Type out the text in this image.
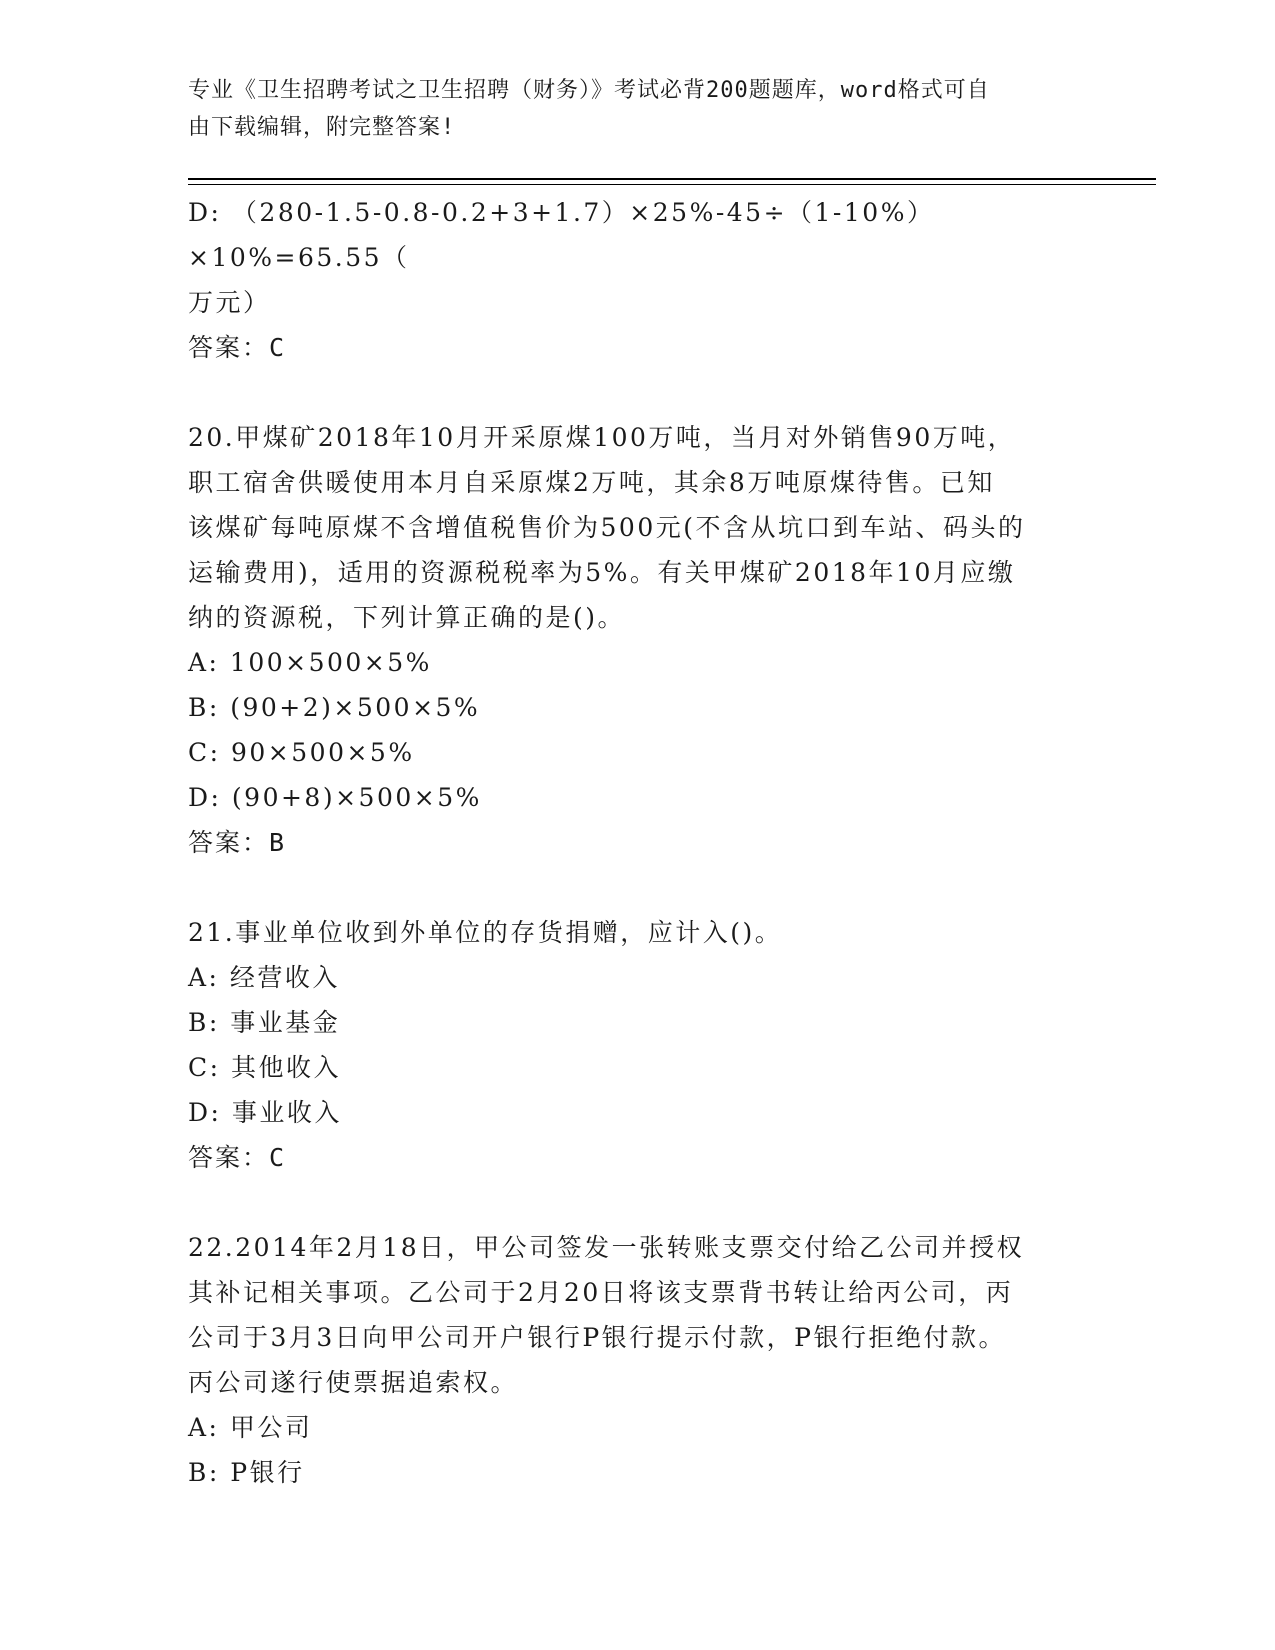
专业《卫生招聘考试之卫生招聘（财务）》考试必背200题题库，word格式可自
由下载编辑，附完整答案!

D: （280-1.5-0.8-0.2+3+1.7）×25%-45÷（1-10%）×10%=65.55（

万元）

答案：C

20.甲煤矿2018年10月开采原煤100万吨，当月对外销售90万吨，

职工宿舍供暖使用本月自采原煤2万吨，其余8万吨原煤待售。已知

该煤矿每吨原煤不含增值税售价为500元(不含从坑口到车站、码头的

运输费用)，适用的资源税税率为5%。有关甲煤矿2018年10月应缴

纳的资源税，下列计算正确的是()。

A: 100×500×5%

B: (90+2)×500×5%

C: 90×500×5%

D: (90+8)×500×5%

答案：B

21.事业单位收到外单位的存货捐赠，应计入()。

A: 经营收入

B: 事业基金

C: 其他收入

D: 事业收入

答案：C

22.2014年2月18日，甲公司签发一张转账支票交付给乙公司并授权

其补记相关事项。乙公司于2月20日将该支票背书转让给丙公司，丙

公司于3月3日向甲公司开户银行P银行提示付款，P银行拒绝付款。

丙公司遂行使票据追索权。

A: 甲公司

B: P银行
